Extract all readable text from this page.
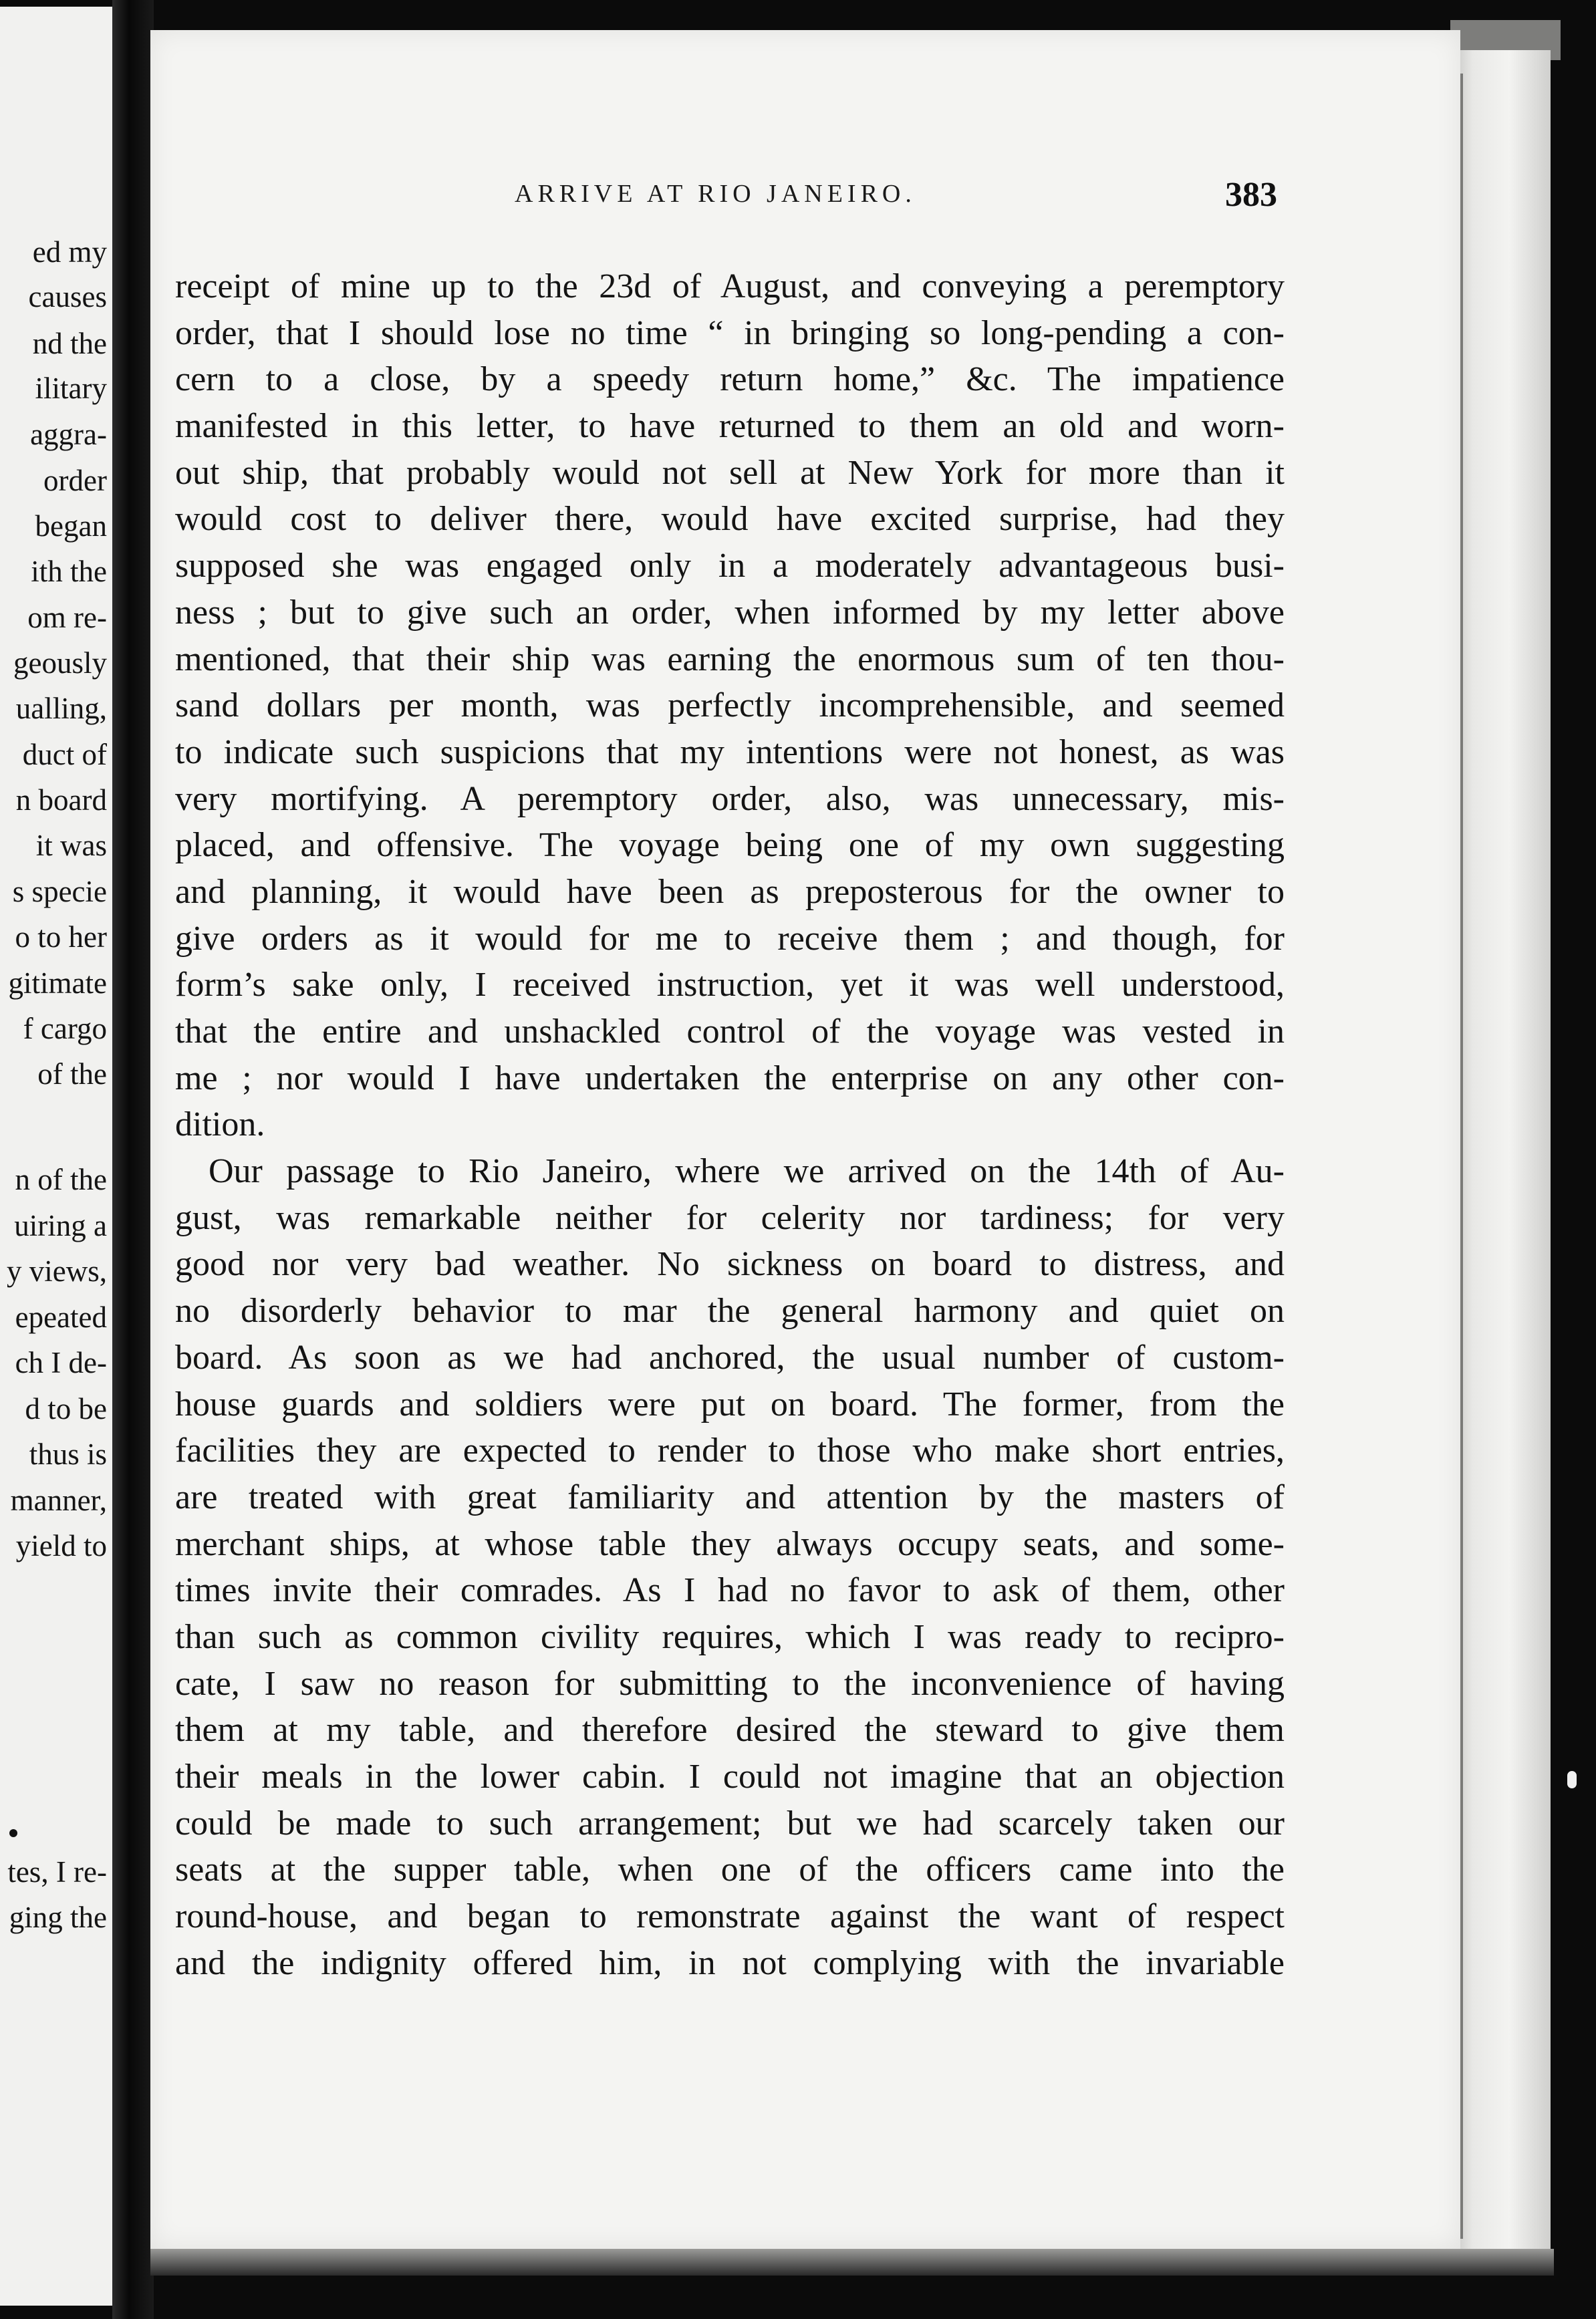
ed my
causes
nd the
ilitary
aggra-
order
began
ith the
om re-
geously
ualling,
duct of
n board
it was
s specie
o to her
gitimate
f cargo
of the
n of the
uiring a
y views,
epeated
ch I de-
d to be
thus is
manner,
yield to
tes, I re-
ging the
ARRIVE AT RIO JANEIRO.	383
receipt of mine up to the 23d of August, and conveying a peremptory
order, that I should lose no time “ in bringing so long-pending a con-
cern to a close, by a speedy return home,” &c. The impatience
manifested in this letter, to have returned to them an old and worn-
out ship, that probably would not sell at New York for more than it
would cost to deliver there, would have excited surprise, had they
supposed she was engaged only in a moderately advantageous busi-
ness ; but to give such an order, when informed by my letter above
mentioned, that their ship was earning the enormous sum of ten thou-
sand dollars per month, was perfectly incomprehensible, and seemed
to indicate such suspicions that my intentions were not honest, as was
very mortifying. A peremptory order, also, was unnecessary, mis-
placed, and offensive. The voyage being one of my own suggesting
and planning, it would have been as preposterous for the owner to
give orders as it would for me to receive them ; and though, for
form’s sake only, I received instruction, yet it was well understood,
that the entire and unshackled control of the voyage was vested in
me ; nor would I have undertaken the enterprise on any other con-
dition.
Our passage to Rio Janeiro, where we arrived on the 14th of Au-
gust, was remarkable neither for celerity nor tardiness; for very
good nor very bad weather. No sickness on board to distress, and
no disorderly behavior to mar the general harmony and quiet on
board. As soon as we had anchored, the usual number of custom-
house guards and soldiers were put on board. The former, from the
facilities they are expected to render to those who make short entries,
are treated with great familiarity and attention by the masters of
merchant ships, at whose table they always occupy seats, and some-
times invite their comrades. As I had no favor to ask of them, other
than such as common civility requires, which I was ready to recipro-
cate, I saw no reason for submitting to the inconvenience of having
them at my table, and therefore desired the steward to give them
their meals in the lower cabin. I could not imagine that an objection
could be made to such arrangement; but we had scarcely taken our
seats at the supper table, when one of the officers came into the
round-house, and began to remonstrate against the want of respect
and the indignity offered him, in not complying with the invariable
